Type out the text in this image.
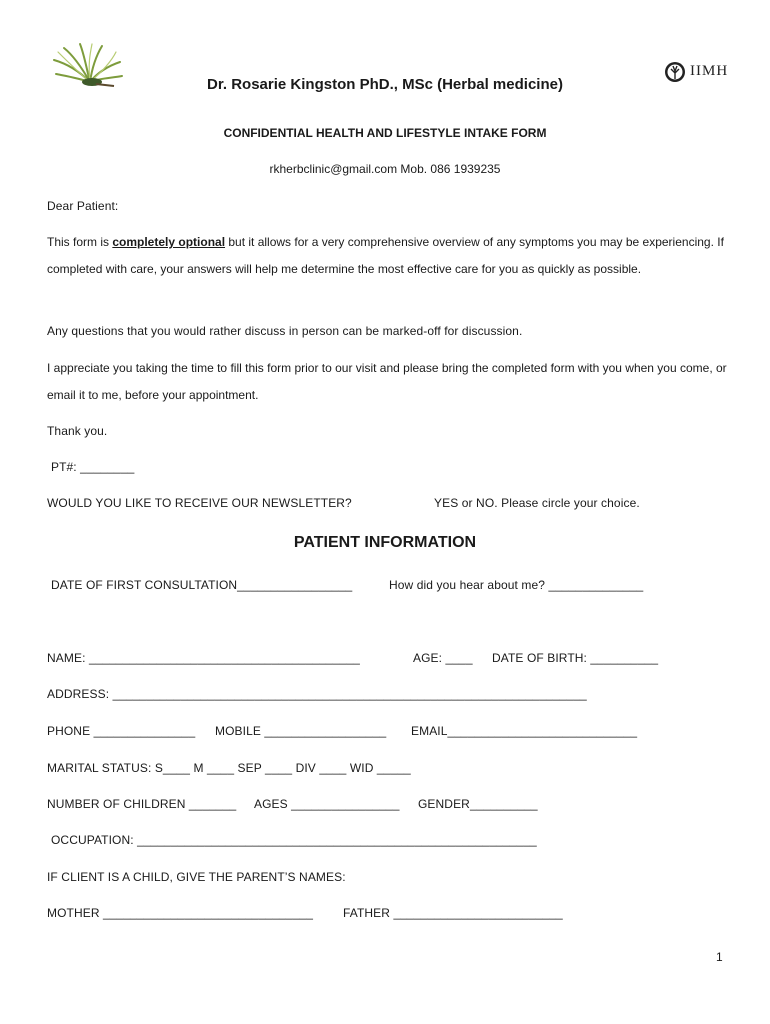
IIMH
Dr. Rosarie Kingston PhD., MSc (Herbal medicine)
CONFIDENTIAL HEALTH AND LIFESTYLE INTAKE FORM
rkherbclinic@gmail.com Mob. 086 1939235
Dear Patient:
This form is completely optional but it allows for a very comprehensive overview of any symptoms you may be experiencing. If completed with care, your answers will help me determine the most effective care for you as quickly as possible.
Any questions that you would rather discuss in person can be marked-off for discussion.
I appreciate you taking the time to fill this form prior to our visit and please bring the completed form with you when you come, or email it to me, before your appointment.
Thank you.
PT#: ________
WOULD YOU LIKE TO RECEIVE OUR NEWSLETTER?	YES or NO. Please circle your choice.
PATIENT INFORMATION
DATE OF FIRST CONSULTATION_________________	How did you hear about me? ______________
NAME: ________________________________________	AGE: ____ DATE OF BIRTH: __________
ADDRESS: ______________________________________________________________________
PHONE _______________ MOBILE __________________ EMAIL____________________________
MARITAL STATUS: S____ M ____ SEP ____ DIV ____ WID _____
NUMBER OF CHILDREN _______ AGES ________________ GENDER__________
OCCUPATION: ___________________________________________________________
IF CLIENT IS A CHILD, GIVE THE PARENT’S NAMES:
MOTHER _______________________________ FATHER _________________________
1
